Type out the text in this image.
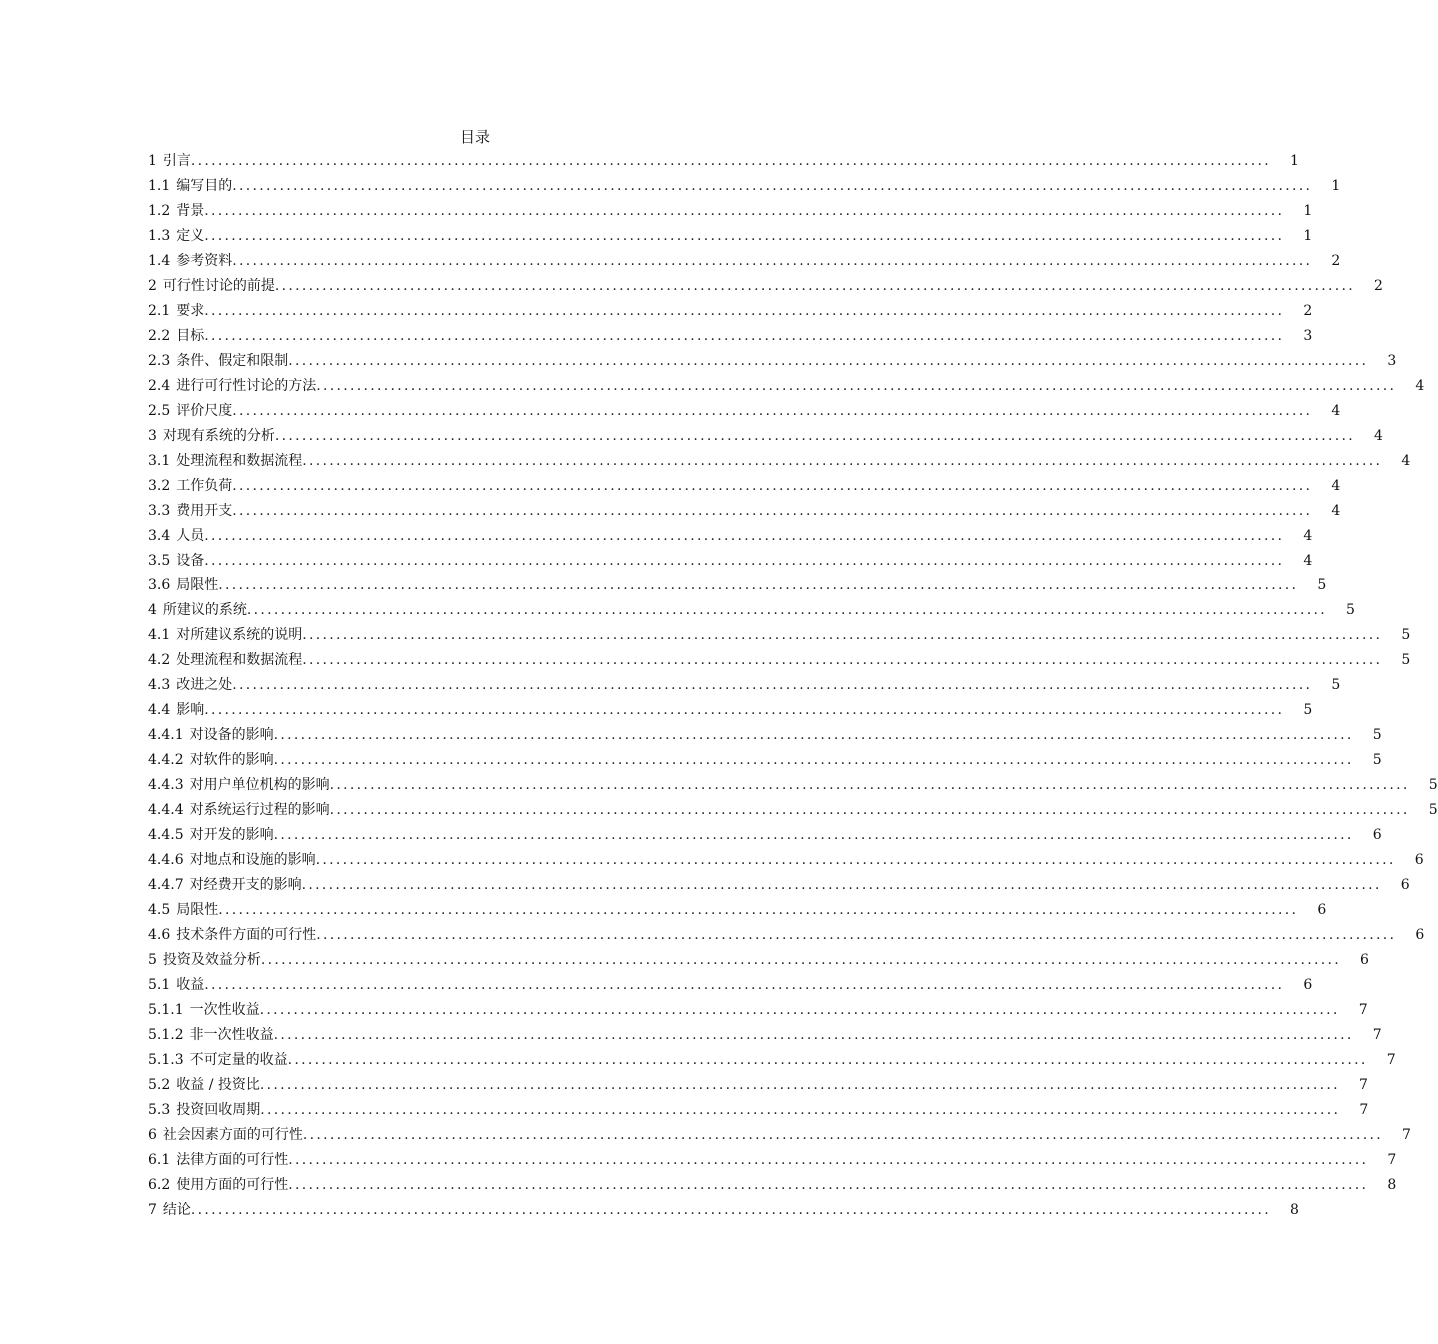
目录
1 引言 ................................................................................................................................................................	1
1.1 编写目的 ................................................................................................................................................................	1
1.2 背景 ................................................................................................................................................................	1
1.3 定义 ................................................................................................................................................................	1
1.4 参考资料 ................................................................................................................................................................	2
2 可行性讨论的前提 ................................................................................................................................................................	2
2.1 要求 ................................................................................................................................................................	2
2.2 目标 ................................................................................................................................................................	3
2.3 条件、假定和限制 ................................................................................................................................................................	3
2.4 进行可行性讨论的方法 ................................................................................................................................................................	4
2.5 评价尺度 ................................................................................................................................................................	4
3 对现有系统的分析 ................................................................................................................................................................	4
3.1 处理流程和数据流程 ................................................................................................................................................................	4
3.2 工作负荷 ................................................................................................................................................................	4
3.3 费用开支 ................................................................................................................................................................	4
3.4 人员 ................................................................................................................................................................	4
3.5 设备 ................................................................................................................................................................	4
3.6 局限性 ................................................................................................................................................................	5
4 所建议的系统 ................................................................................................................................................................	5
4.1 对所建议系统的说明 ................................................................................................................................................................	5
4.2 处理流程和数据流程 ................................................................................................................................................................	5
4.3 改进之处 ................................................................................................................................................................	5
4.4 影响 ................................................................................................................................................................	5
4.4.1 对设备的影响 ................................................................................................................................................................	5
4.4.2 对软件的影响 ................................................................................................................................................................	5
4.4.3 对用户单位机构的影响 ................................................................................................................................................................	5
4.4.4 对系统运行过程的影响 ................................................................................................................................................................	5
4.4.5 对开发的影响 ................................................................................................................................................................	6
4.4.6 对地点和设施的影响 ................................................................................................................................................................	6
4.4.7 对经费开支的影响 ................................................................................................................................................................	6
4.5 局限性 ................................................................................................................................................................	6
4.6 技术条件方面的可行性 ................................................................................................................................................................	6
5 投资及效益分析 ................................................................................................................................................................	6
5.1 收益 ................................................................................................................................................................	6
5.1.1 一次性收益 ................................................................................................................................................................	7
5.1.2 非一次性收益 ................................................................................................................................................................	7
5.1.3 不可定量的收益 ................................................................................................................................................................	7
5.2 收益 / 投资比 ................................................................................................................................................................	7
5.3 投资回收周期 ................................................................................................................................................................	7
6 社会因素方面的可行性 ................................................................................................................................................................	7
6.1 法律方面的可行性 ................................................................................................................................................................	7
6.2 使用方面的可行性 ................................................................................................................................................................	8
7 结论 ................................................................................................................................................................	8
